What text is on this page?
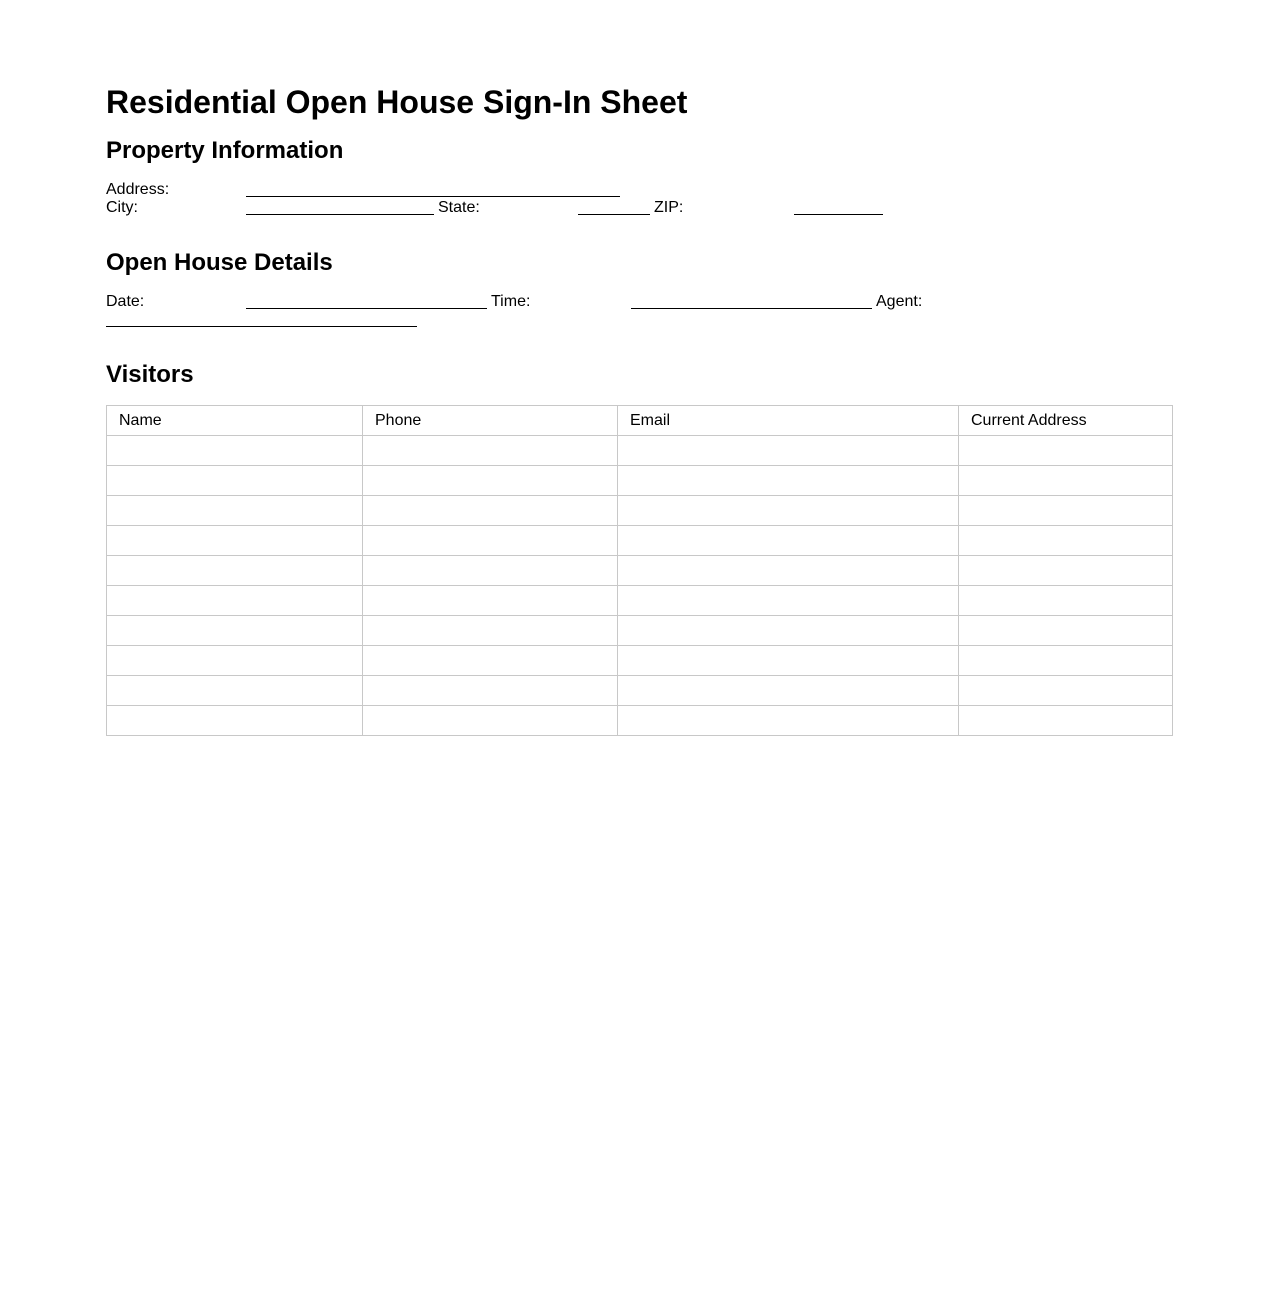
Residential Open House Sign-In Sheet
Property Information
Address:
City:	State:	ZIP:
Open House Details
Date:	Time:	Agent:
Visitors
Name	Phone	Email	Current Address
